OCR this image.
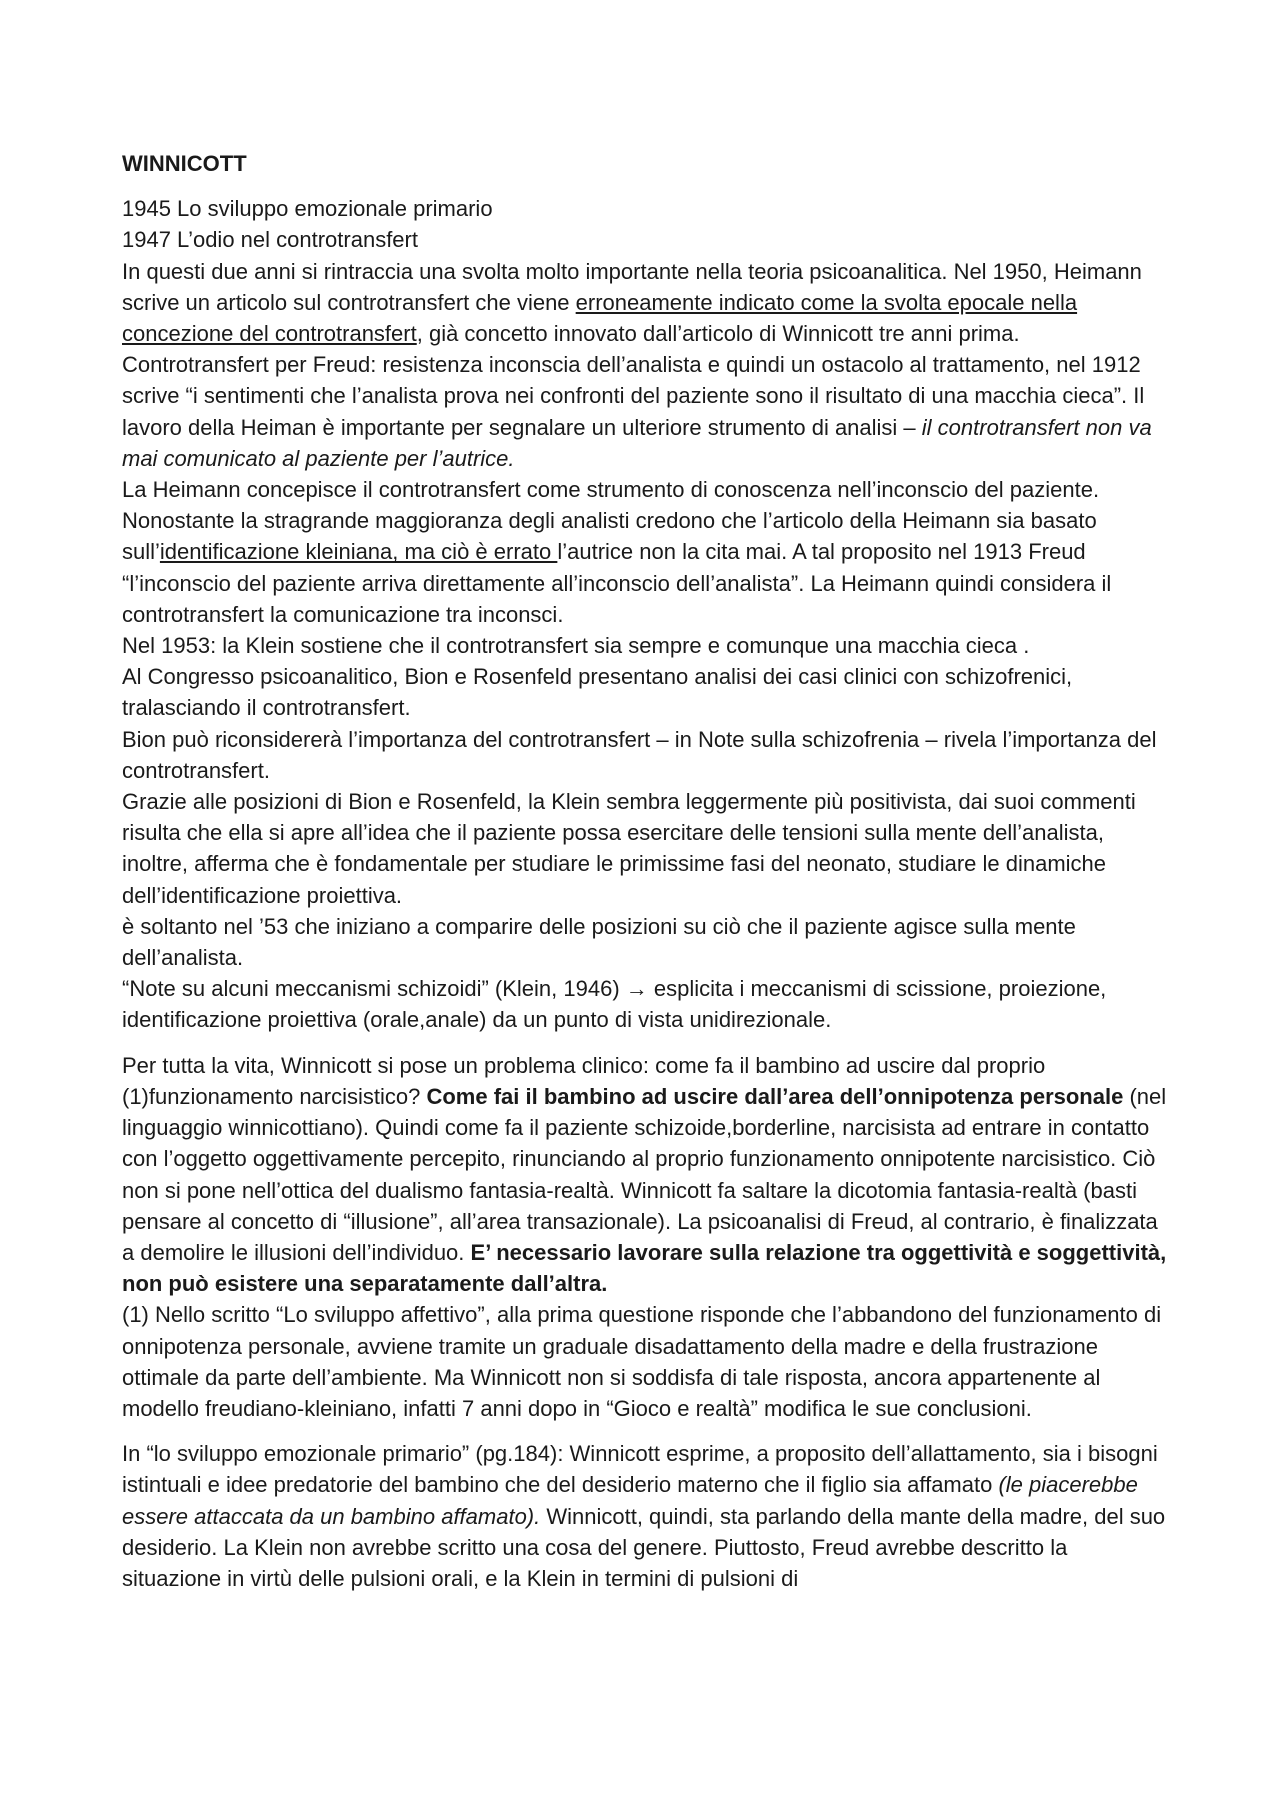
WINNICOTT

1945 Lo sviluppo emozionale primario

1947 L’odio nel controtransfert

In questi due anni si rintraccia una svolta molto importante nella teoria psicoanalitica. Nel 1950, Heimann scrive un articolo sul controtransfert che viene erroneamente indicato come la svolta epocale nella concezione del controtransfert, già concetto innovato dall’articolo di Winnicott tre anni prima. Controtransfert per Freud: resistenza inconscia dell’analista e quindi un ostacolo al trattamento, nel 1912 scrive “i sentimenti che l’analista prova nei confronti del paziente sono il risultato di una macchia cieca”. Il lavoro della Heiman è importante per segnalare un ulteriore strumento di analisi – il controtransfert non va mai comunicato al paziente per l’autrice.

La Heimann concepisce il controtransfert come strumento di conoscenza nell’inconscio del paziente. Nonostante la stragrande maggioranza degli analisti credono che l’articolo della Heimann sia basato sull’identificazione kleiniana, ma ciò è errato l’autrice non la cita mai. A tal proposito nel 1913 Freud “l’inconscio del paziente arriva direttamente all’inconscio dell’analista”. La Heimann quindi considera il controtransfert la comunicazione tra inconsci.

Nel 1953: la Klein sostiene che il controtransfert sia sempre e comunque una macchia cieca .

Al Congresso psicoanalitico, Bion e Rosenfeld presentano analisi dei casi clinici con schizofrenici, tralasciando il controtransfert.

Bion può riconsidererà l’importanza del controtransfert – in Note sulla schizofrenia – rivela l’importanza del controtransfert.

Grazie alle posizioni di Bion e Rosenfeld, la Klein sembra leggermente più positivista, dai suoi commenti risulta che ella si apre all’idea che il paziente possa esercitare delle tensioni sulla mente dell’analista, inoltre, afferma che è fondamentale per studiare le primissime fasi del neonato, studiare le dinamiche dell’identificazione proiettiva.

è soltanto nel ’53 che iniziano a comparire delle posizioni su ciò che il paziente agisce sulla mente dell’analista.

“Note su alcuni meccanismi schizoidi” (Klein, 1946) → esplicita i meccanismi di scissione, proiezione, identificazione proiettiva (orale,anale) da un punto di vista unidirezionale.

Per tutta la vita, Winnicott si pose un problema clinico: come fa il bambino ad uscire dal proprio (1)funzionamento narcisistico? Come fai il bambino ad uscire dall’area dell’onnipotenza personale (nel linguaggio winnicottiano). Quindi come fa il paziente schizoide,borderline, narcisista ad entrare in contatto con l’oggetto oggettivamente percepito, rinunciando al proprio funzionamento onnipotente narcisistico. Ciò non si pone nell’ottica del dualismo fantasia-realtà. Winnicott fa saltare la dicotomia fantasia-realtà (basti pensare al concetto di “illusione”, all’area transazionale). La psicoanalisi di Freud, al contrario, è finalizzata a demolire le illusioni dell’individuo. E’ necessario lavorare sulla relazione tra oggettività e soggettività, non può esistere una separatamente dall’altra.

(1) Nello scritto “Lo sviluppo affettivo”, alla prima questione risponde che l’abbandono del funzionamento di onnipotenza personale, avviene tramite un graduale disadattamento della madre e della frustrazione ottimale da parte dell’ambiente. Ma Winnicott non si soddisfa di tale risposta, ancora appartenente al modello freudiano-kleiniano, infatti 7 anni dopo in “Gioco e realtà” modifica le sue conclusioni.

In “lo sviluppo emozionale primario” (pg.184): Winnicott esprime, a proposito dell’allattamento, sia i bisogni istintuali e idee predatorie del bambino che del desiderio materno che il figlio sia affamato (le piacerebbe essere attaccata da un bambino affamato). Winnicott, quindi, sta parlando della mante della madre, del suo desiderio. La Klein non avrebbe scritto una cosa del genere. Piuttosto, Freud avrebbe descritto la situazione in virtù delle pulsioni orali, e la Klein in termini di pulsioni di
